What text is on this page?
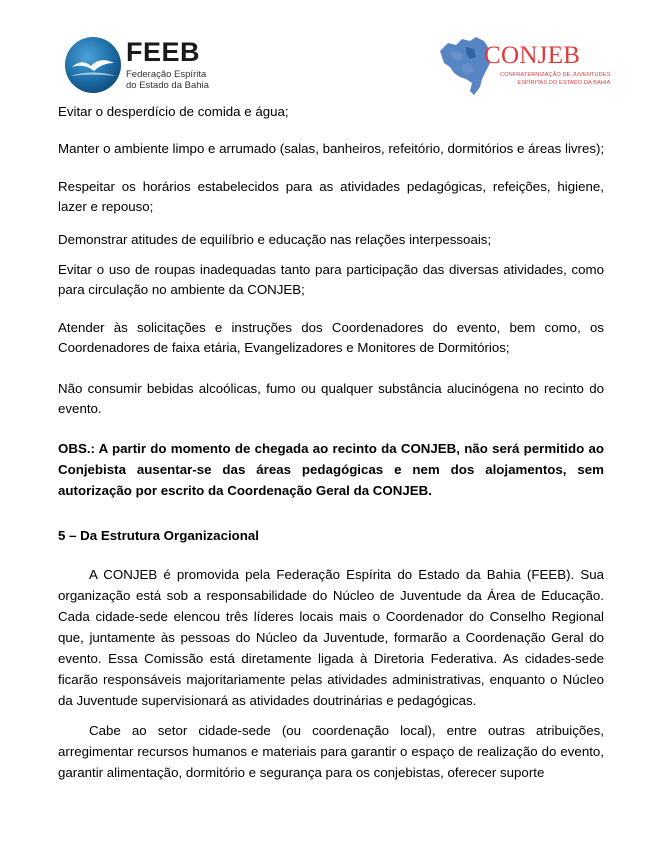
FEEB
Federação Espírita
do Estado da Bahia
CONJEB
CONFRATERNIZAÇÃO DE JUVENTUDES
ESPÍRITAS DO ESTADO DA BAHIA
Evitar o desperdício de comida e água;
Manter o ambiente limpo e arrumado (salas, banheiros, refeitório, dormitórios e áreas livres);
Respeitar os horários estabelecidos para as atividades pedagógicas, refeições, higiene, lazer e repouso;
Demonstrar atitudes de equilíbrio e educação nas relações interpessoais;
Evitar o uso de roupas inadequadas tanto para participação das diversas atividades, como para circulação no ambiente da CONJEB;
Atender às solicitações e instruções dos Coordenadores do evento, bem como, os Coordenadores de faixa etária, Evangelizadores e Monitores de Dormitórios;
Não consumir bebidas alcoólicas, fumo ou qualquer substância alucinógena no recinto do evento.
OBS.: A partir do momento de chegada ao recinto da CONJEB, não será permitido ao Conjebista ausentar-se das áreas pedagógicas e nem dos alojamentos, sem autorização por escrito da Coordenação Geral da CONJEB.
5 – Da Estrutura Organizacional
A CONJEB é promovida pela Federação Espírita do Estado da Bahia (FEEB). Sua organização está sob a responsabilidade do Núcleo de Juventude da Área de Educação. Cada cidade-sede elencou três líderes locais mais o Coordenador do Conselho Regional que, juntamente às pessoas do Núcleo da Juventude, formarão a Coordenação Geral do evento. Essa Comissão está diretamente ligada à Diretoria Federativa. As cidades-sede ficarão responsáveis majoritariamente pelas atividades administrativas, enquanto o Núcleo da Juventude supervisionará as atividades doutrinárias e pedagógicas.
Cabe ao setor cidade-sede (ou coordenação local), entre outras atribuições, arregimentar recursos humanos e materiais para garantir o espaço de realização do evento, garantir alimentação, dormitório e segurança para os conjebistas, oferecer suporte
